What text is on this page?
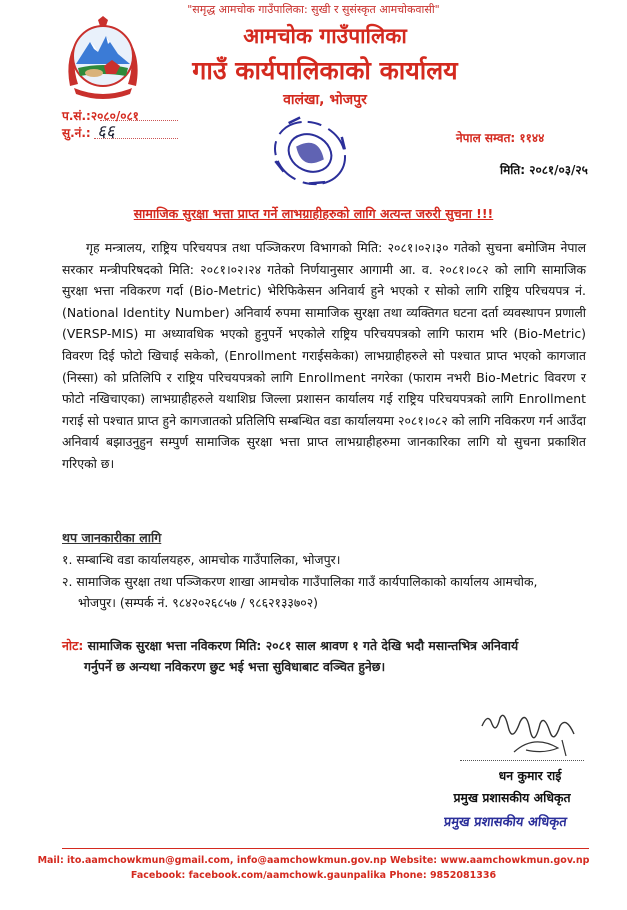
"समृद्ध आमचोक गाउँपालिका: सुखी र सुसंस्कृत आमचोकवासी"
आमचोक गाउँपालिका
गाउँ कार्यपालिकाको कार्यालय
वालंखा, भोजपुर
प.सं.:२०८०/०८१
सु.नं.: ६६	नेपाल सम्वत: ११४४
मिति: २०८१/०३/२५
सामाजिक सुरक्षा भत्ता प्राप्त गर्ने लाभग्राहीहरुको लागि अत्यन्त जरुरी सुचना !!!

गृह मन्त्रालय, राष्ट्रिय परिचयपत्र तथा पञ्जिकरण विभागको मिति: २०८१।०२।३० गतेको सुचना बमोजिम नेपाल सरकार मन्त्रीपरिषदको मिति: २०८१।०२।२४ गतेको निर्णयानुसार आगामी आ. व. २०८१।०८२ को लागि सामाजिक सुरक्षा भत्ता नविकरण गर्दा (Bio-Metric) भेरिफिकेसन अनिवार्य हुने भएको र सोको लागि राष्ट्रिय परिचयपत्र नं. (National Identity Number) अनिवार्य रुपमा सामाजिक सुरक्षा तथा व्यक्तिगत घटना दर्ता व्यवस्थापन प्रणाली (VERSP-MIS) मा अध्यावधिक भएको हुनुपर्ने भएकोले राष्ट्रिय परिचयपत्रको लागि फाराम भरि (Bio-Metric) विवरण दिई फोटो खिचाई सकेको, (Enrollment गराईसकेका) लाभग्राहीहरुले सो पश्चात प्राप्त भएको कागजात (निस्सा) को प्रतिलिपि र राष्ट्रिय परिचयपत्रको लागि Enrollment नगरेका (फाराम नभरी Bio-Metric विवरण र फोटो नखिचाएका) लाभग्राहीहरुले यथाशिघ्र जिल्ला प्रशासन कार्यालय गई राष्ट्रिय परिचयपत्रको लागि Enrollment गराई सो पश्चात प्राप्त हुने कागजातको प्रतिलिपि सम्बन्धित वडा कार्यालयमा २०८१।०८२ को लागि नविकरण गर्न आउँदा अनिवार्य बझाउनुहुन सम्पुर्ण सामाजिक सुरक्षा भत्ता प्राप्त लाभग्राहीहरुमा जानकारिका लागि यो सुचना प्रकाशित गरिएको छ।

थप जानकारीका लागि
१. सम्बान्धि वडा कार्यालयहरु, आमचोक गाउँपालिका, भोजपुर।
२. सामाजिक सुरक्षा तथा पञ्जिकरण शाखा आमचोक गाउँपालिका गाउँ कार्यपालिकाको कार्यालय आमचोक,
भोजपुर। (सम्पर्क नं. ९८४२०२६८५७ / ९८६२१३३७०२)
नोट: सामाजिक सुरक्षा भत्ता नविकरण मिति: २०८१ साल श्रावण १ गते देखि भदौ मसान्तभित्र अनिवार्य
गर्नुपर्ने छ अन्यथा नविकरण छुट भई भत्ता सुविधाबाट वञ्चित हुनेछ।
धन कुमार राई
प्रमुख प्रशासकीय अधिकृत
प्रमुख प्रशासकीय अधिकृत
Mail: ito.aamchowkmun@gmail.com, info@aamchowkmun.gov.np Website: www.aamchowkmun.gov.np
Facebook: facebook.com/aamchowk.gaunpalika Phone: 9852081336
